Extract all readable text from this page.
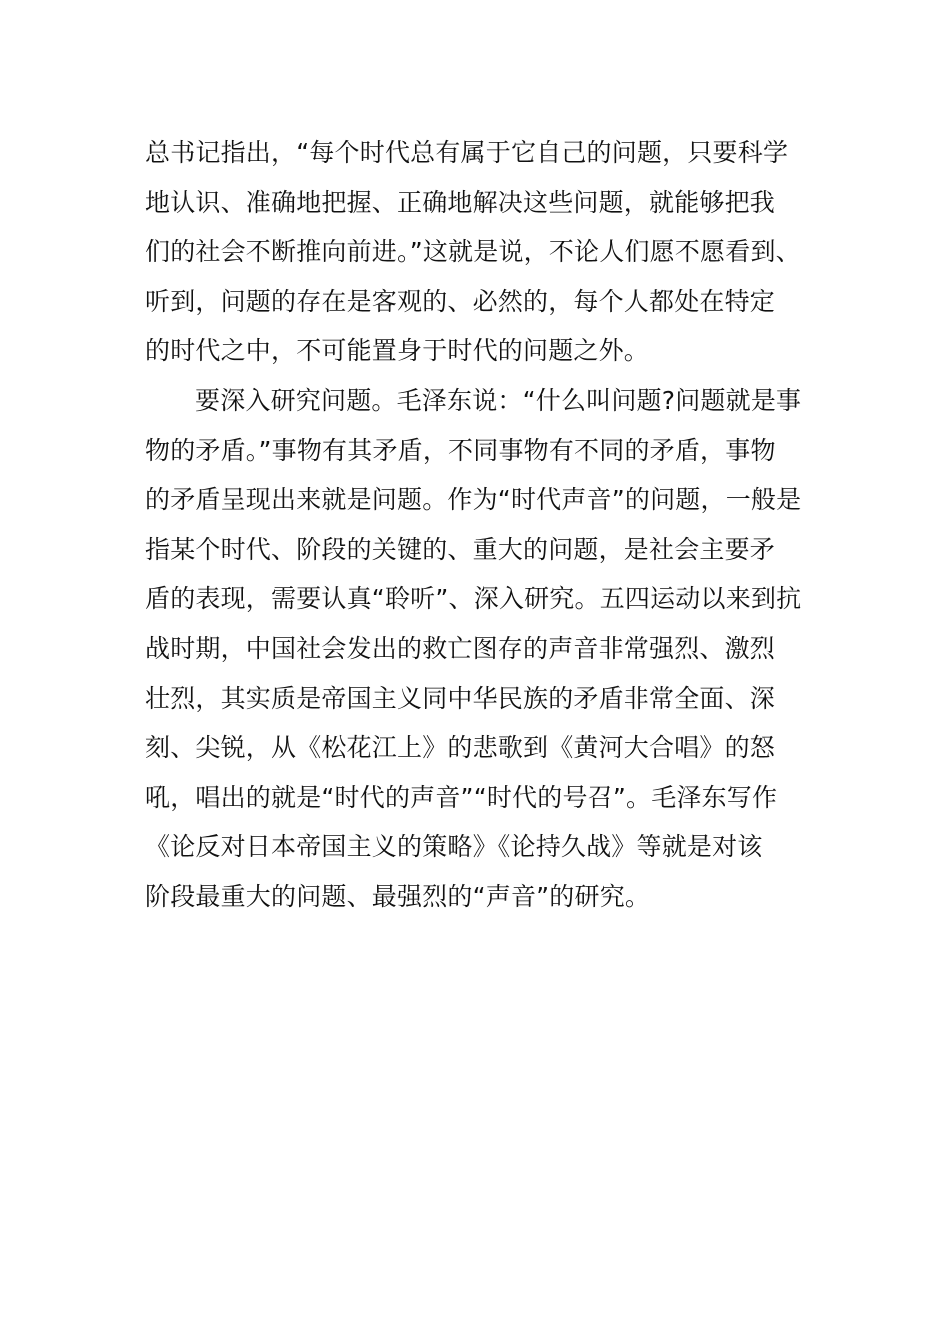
总书记指出，“每个时代总有属于它自己的问题，只要科学
地认识、准确地把握、正确地解决这些问题，就能够把我
们的社会不断推向前进。”这就是说，不论人们愿不愿看到、
听到，问题的存在是客观的、必然的，每个人都处在特定
的时代之中，不可能置身于时代的问题之外。
要深入研究问题。毛泽东说：“什么叫问题?问题就是事
物的矛盾。”事物有其矛盾，不同事物有不同的矛盾，事物
的矛盾呈现出来就是问题。作为“时代声音”的问题，一般是
指某个时代、阶段的关键的、重大的问题，是社会主要矛
盾的表现，需要认真“聆听”、深入研究。五四运动以来到抗
战时期，中国社会发出的救亡图存的声音非常强烈、激烈
壮烈，其实质是帝国主义同中华民族的矛盾非常全面、深
刻、尖锐，从《松花江上》的悲歌到《黄河大合唱》的怒
吼，唱出的就是“时代的声音”“时代的号召”。毛泽东写作
《论反对日本帝国主义的策略》《论持久战》等就是对该
阶段最重大的问题、最强烈的“声音”的研究。
